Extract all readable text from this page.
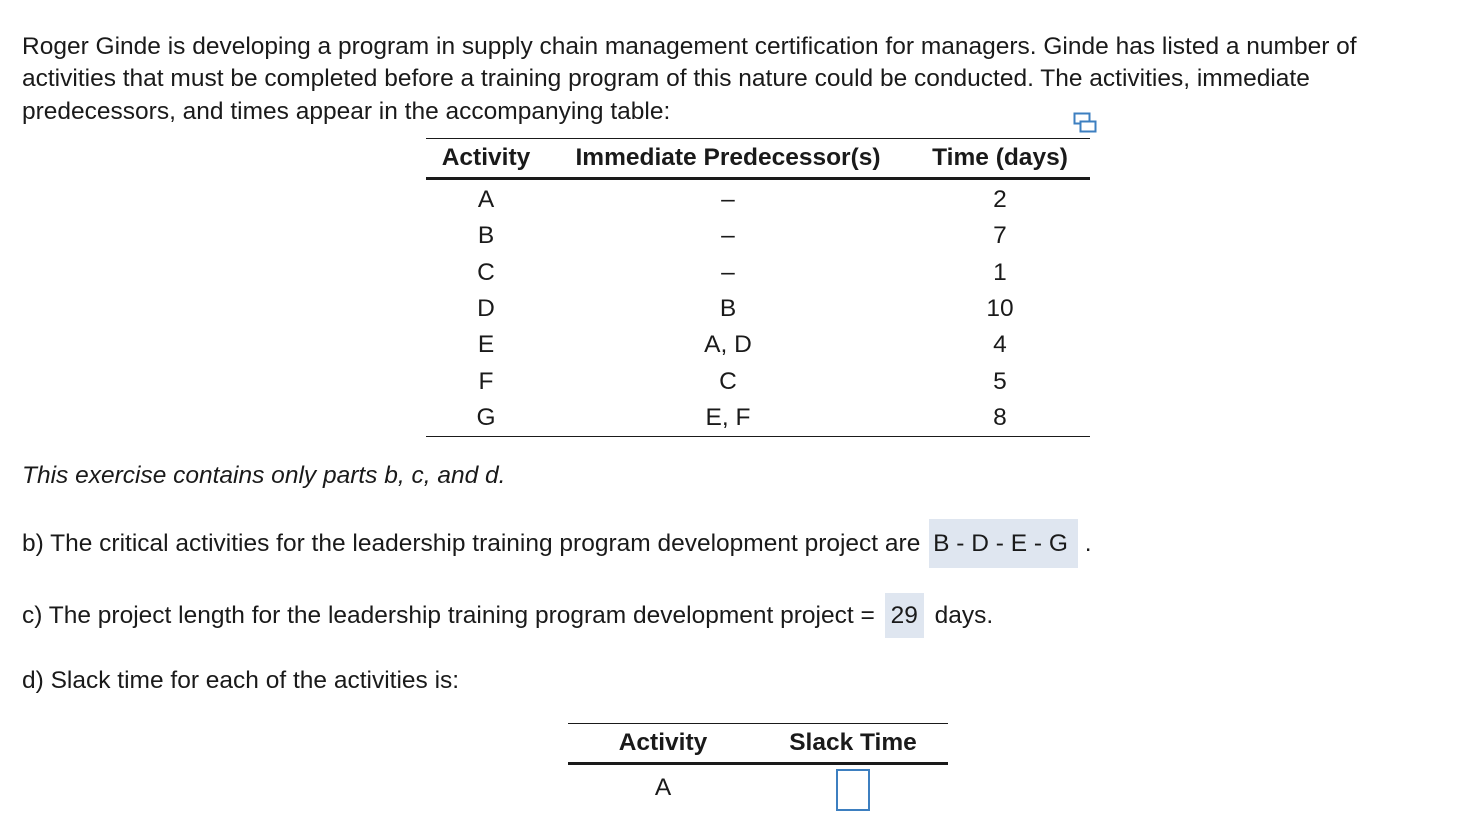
Roger Ginde is developing a program in supply chain management certification for managers. Ginde has listed a number of activities that must be completed before a training program of this nature could be conducted. The activities, immediate predecessors, and times appear in the accompanying table:

Activity	Immediate Predecessor(s)	Time (days)
A	–	2
B	–	7
C	–	1
D	B	10
E	A, D	4
F	C	5
G	E, F	8
This exercise contains only parts b, c, and d.
b) The critical activities for the leadership training program development project are B - D - E - G .
c) The project length for the leadership training program development project = 29 days.
d) Slack time for each of the activities is:
Activity	Slack Time
A	
